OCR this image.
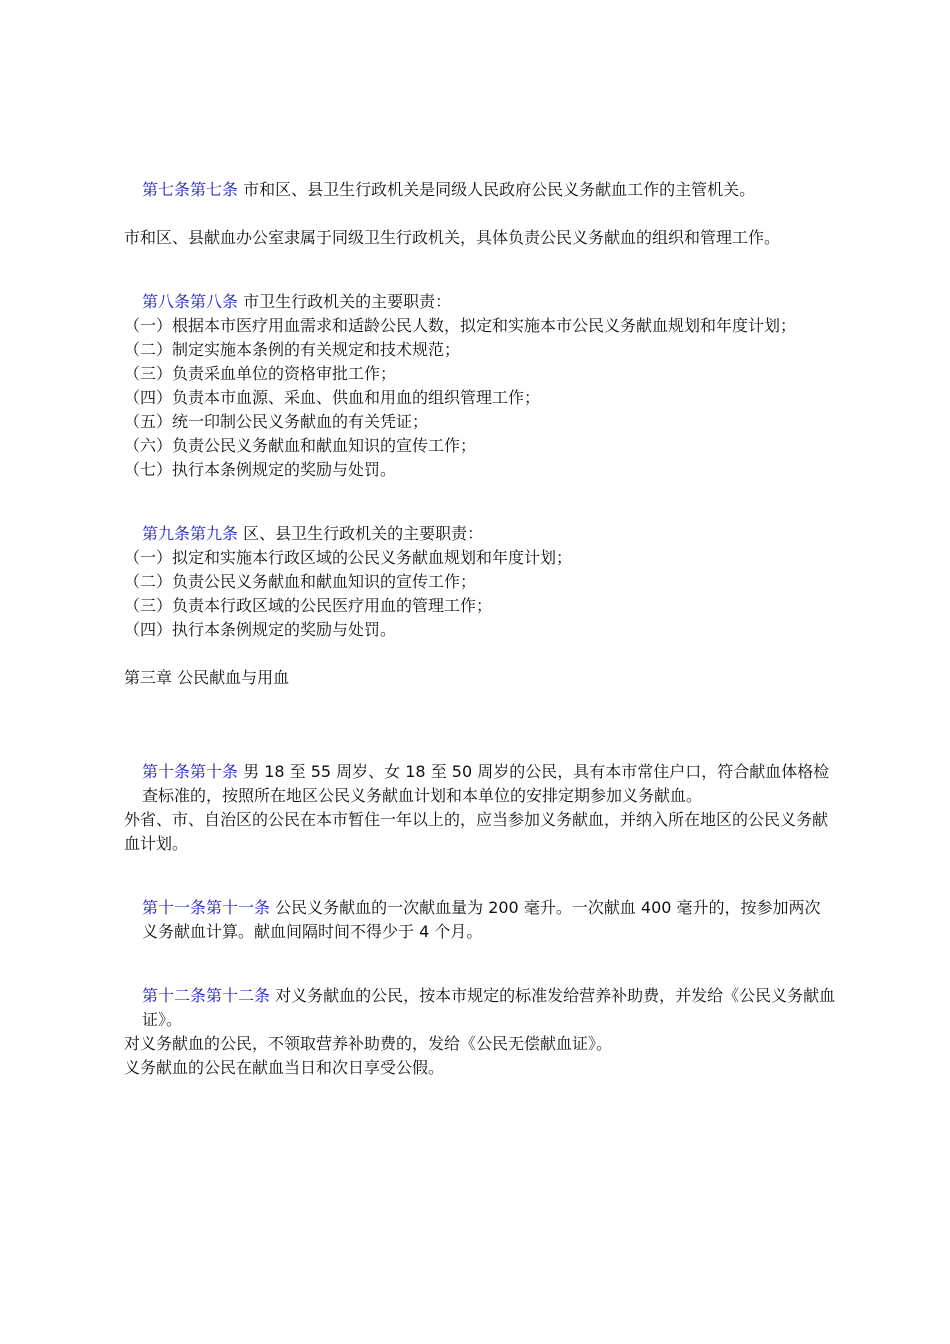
第七条第七条 市和区、县卫生行政机关是同级人民政府公民义务献血工作的主管机关。

市和区、县献血办公室隶属于同级卫生行政机关，具体负责公民义务献血的组织和管理工作。

第八条第八条 市卫生行政机关的主要职责：

（一）根据本市医疗用血需求和适龄公民人数，拟定和实施本市公民义务献血规划和年度计划；

（二）制定实施本条例的有关规定和技术规范；

（三）负责采血单位的资格审批工作；

（四）负责本市血源、采血、供血和用血的组织管理工作；

（五）统一印制公民义务献血的有关凭证；

（六）负责公民义务献血和献血知识的宣传工作；

（七）执行本条例规定的奖励与处罚。

第九条第九条 区、县卫生行政机关的主要职责：

（一）拟定和实施本行政区域的公民义务献血规划和年度计划；

（二）负责公民义务献血和献血知识的宣传工作；

（三）负责本行政区域的公民医疗用血的管理工作；

（四）执行本条例规定的奖励与处罚。

第三章 公民献血与用血

第十条第十条 男 18 至 55 周岁、女 18 至 50 周岁的公民，具有本市常住户口，符合献血体格检查标准的，按照所在地区公民义务献血计划和本单位的安排定期参加义务献血。

外省、市、自治区的公民在本市暂住一年以上的，应当参加义务献血，并纳入所在地区的公民义务献血计划。

第十一条第十一条 公民义务献血的一次献血量为 200 毫升。一次献血 400 毫升的，按参加两次义务献血计算。献血间隔时间不得少于 4 个月。

第十二条第十二条 对义务献血的公民，按本市规定的标准发给营养补助费，并发给《公民义务献血证》。

对义务献血的公民，不领取营养补助费的，发给《公民无偿献血证》。

义务献血的公民在献血当日和次日享受公假。
